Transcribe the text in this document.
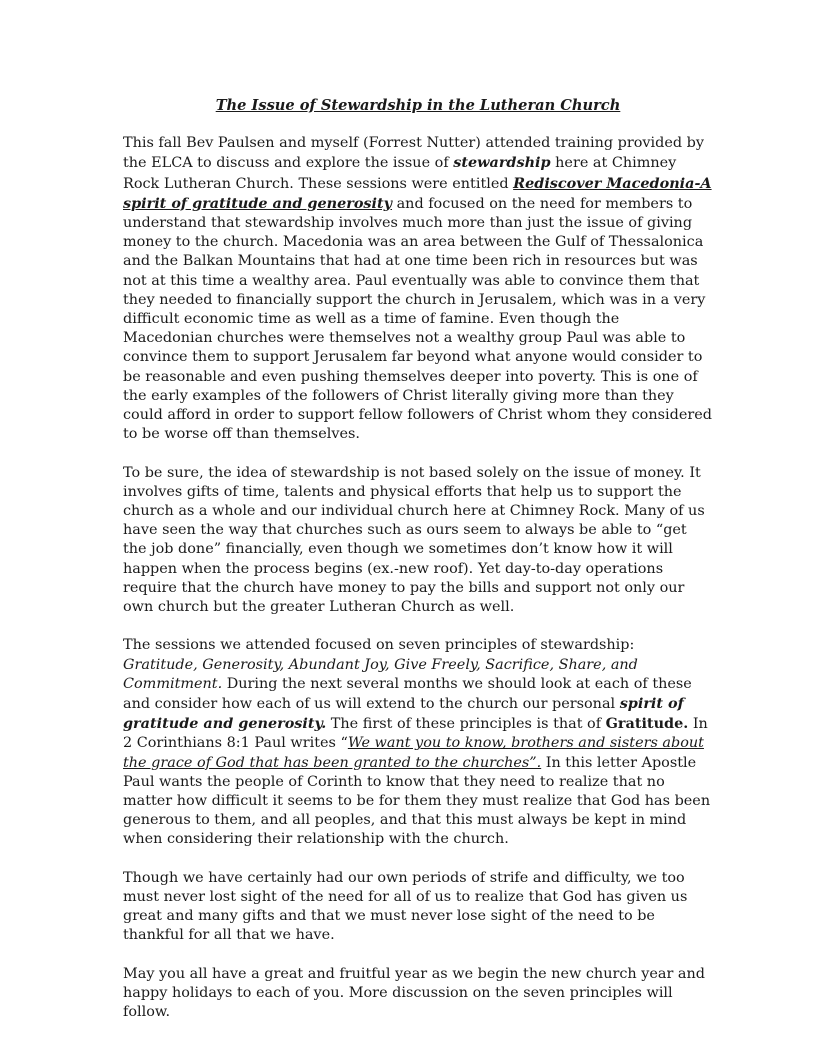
The Issue of Stewardship in the Lutheran Church

This fall Bev Paulsen and myself (Forrest Nutter) attended training provided by the ELCA to discuss and explore the issue of stewardship here at Chimney Rock Lutheran Church. These sessions were entitled Rediscover Macedonia-A spirit of gratitude and generosity and focused on the need for members to understand that stewardship involves much more than just the issue of giving money to the church. Macedonia was an area between the Gulf of Thessalonica and the Balkan Mountains that had at one time been rich in resources but was not at this time a wealthy area. Paul eventually was able to convince them that they needed to financially support the church in Jerusalem, which was in a very difficult economic time as well as a time of famine. Even though the Macedonian churches were themselves not a wealthy group Paul was able to convince them to support Jerusalem far beyond what anyone would consider to be reasonable and even pushing themselves deeper into poverty. This is one of the early examples of the followers of Christ literally giving more than they could afford in order to support fellow followers of Christ whom they considered to be worse off than themselves.

To be sure, the idea of stewardship is not based solely on the issue of money. It involves gifts of time, talents and physical efforts that help us to support the church as a whole and our individual church here at Chimney Rock. Many of us have seen the way that churches such as ours seem to always be able to “get the job done” financially, even though we sometimes don’t know how it will happen when the process begins (ex.-new roof). Yet day-to-day operations require that the church have money to pay the bills and support not only our own church but the greater Lutheran Church as well.

The sessions we attended focused on seven principles of stewardship: Gratitude, Generosity, Abundant Joy, Give Freely, Sacrifice, Share, and Commitment. During the next several months we should look at each of these and consider how each of us will extend to the church our personal spirit of gratitude and generosity. The first of these principles is that of Gratitude. In 2 Corinthians 8:1 Paul writes “We want you to know, brothers and sisters about the grace of God that has been granted to the churches”. In this letter Apostle Paul wants the people of Corinth to know that they need to realize that no matter how difficult it seems to be for them they must realize that God has been generous to them, and all peoples, and that this must always be kept in mind when considering their relationship with the church.

Though we have certainly had our own periods of strife and difficulty, we too must never lost sight of the need for all of us to realize that God has given us great and many gifts and that we must never lose sight of the need to be thankful for all that we have.

May you all have a great and fruitful year as we begin the new church year and happy holidays to each of you. More discussion on the seven principles will follow.
